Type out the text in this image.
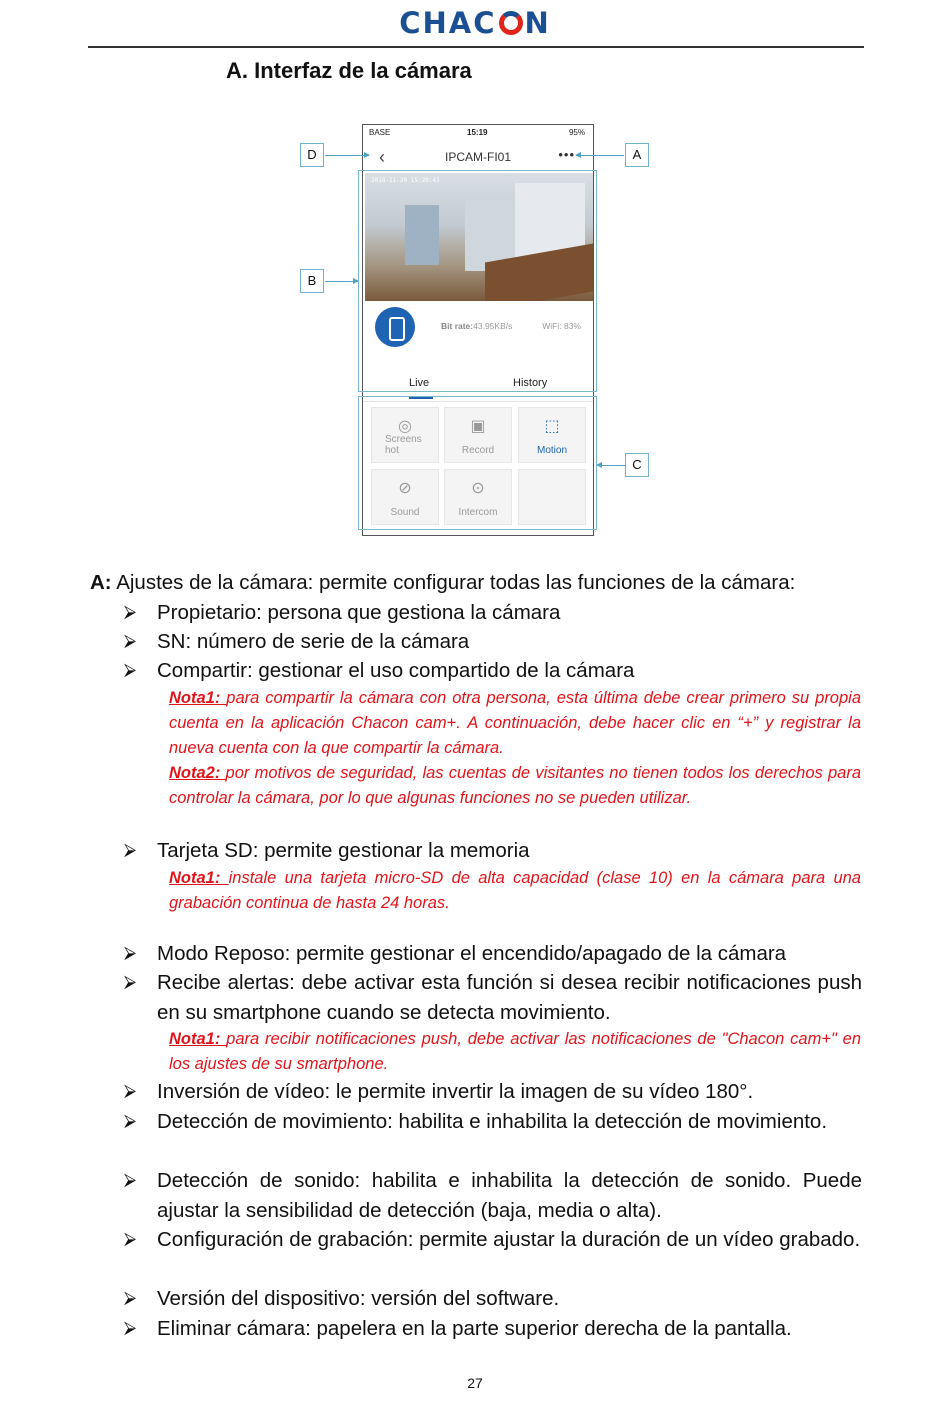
CHAC N
A. Interfaz de la cámara
BASE	15:19	95%
‹	IPCAM-FI01	•••
2018-11-20 15:20:43
Bit rate:43.95KB/s	WiFi: 83%
Live	History
◎
Screens hot
▣
Record
⬚
Motion
⊘
Sound
⊙
Intercom
D	A
B
C
A: Ajustes de la cámara: permite configurar todas las funciones de la cámara:
⮚ Propietario: persona que gestiona la cámara
⮚ SN: número de serie de la cámara
⮚ Compartir: gestionar el uso compartido de la cámara
Nota1: para compartir la cámara con otra persona, esta última debe crear primero su propia cuenta en la aplicación Chacon cam+. A continuación, debe hacer clic en “+” y registrar la nueva cuenta con la que compartir la cámara.
Nota2: por motivos de seguridad, las cuentas de visitantes no tienen todos los derechos para controlar la cámara, por lo que algunas funciones no se pueden utilizar.
⮚ Tarjeta SD: permite gestionar la memoria
Nota1: instale una tarjeta micro-SD de alta capacidad (clase 10) en la cámara para una grabación continua de hasta 24 horas.
⮚ Modo Reposo: permite gestionar el encendido/apagado de la cámara
⮚ Recibe alertas: debe activar esta función si desea recibir notificaciones push en su smartphone cuando se detecta movimiento.
Nota1: para recibir notificaciones push, debe activar las notificaciones de "Chacon cam+" en los ajustes de su smartphone.
⮚ Inversión de vídeo: le permite invertir la imagen de su vídeo 180°.
⮚ Detección de movimiento: habilita e inhabilita la detección de movimiento.
⮚ Detección de sonido: habilita e inhabilita la detección de sonido. Puede ajustar la sensibilidad de detección (baja, media o alta).
⮚ Configuración de grabación: permite ajustar la duración de un vídeo grabado.
⮚ Versión del dispositivo: versión del software.
⮚ Eliminar cámara: papelera en la parte superior derecha de la pantalla.
27
